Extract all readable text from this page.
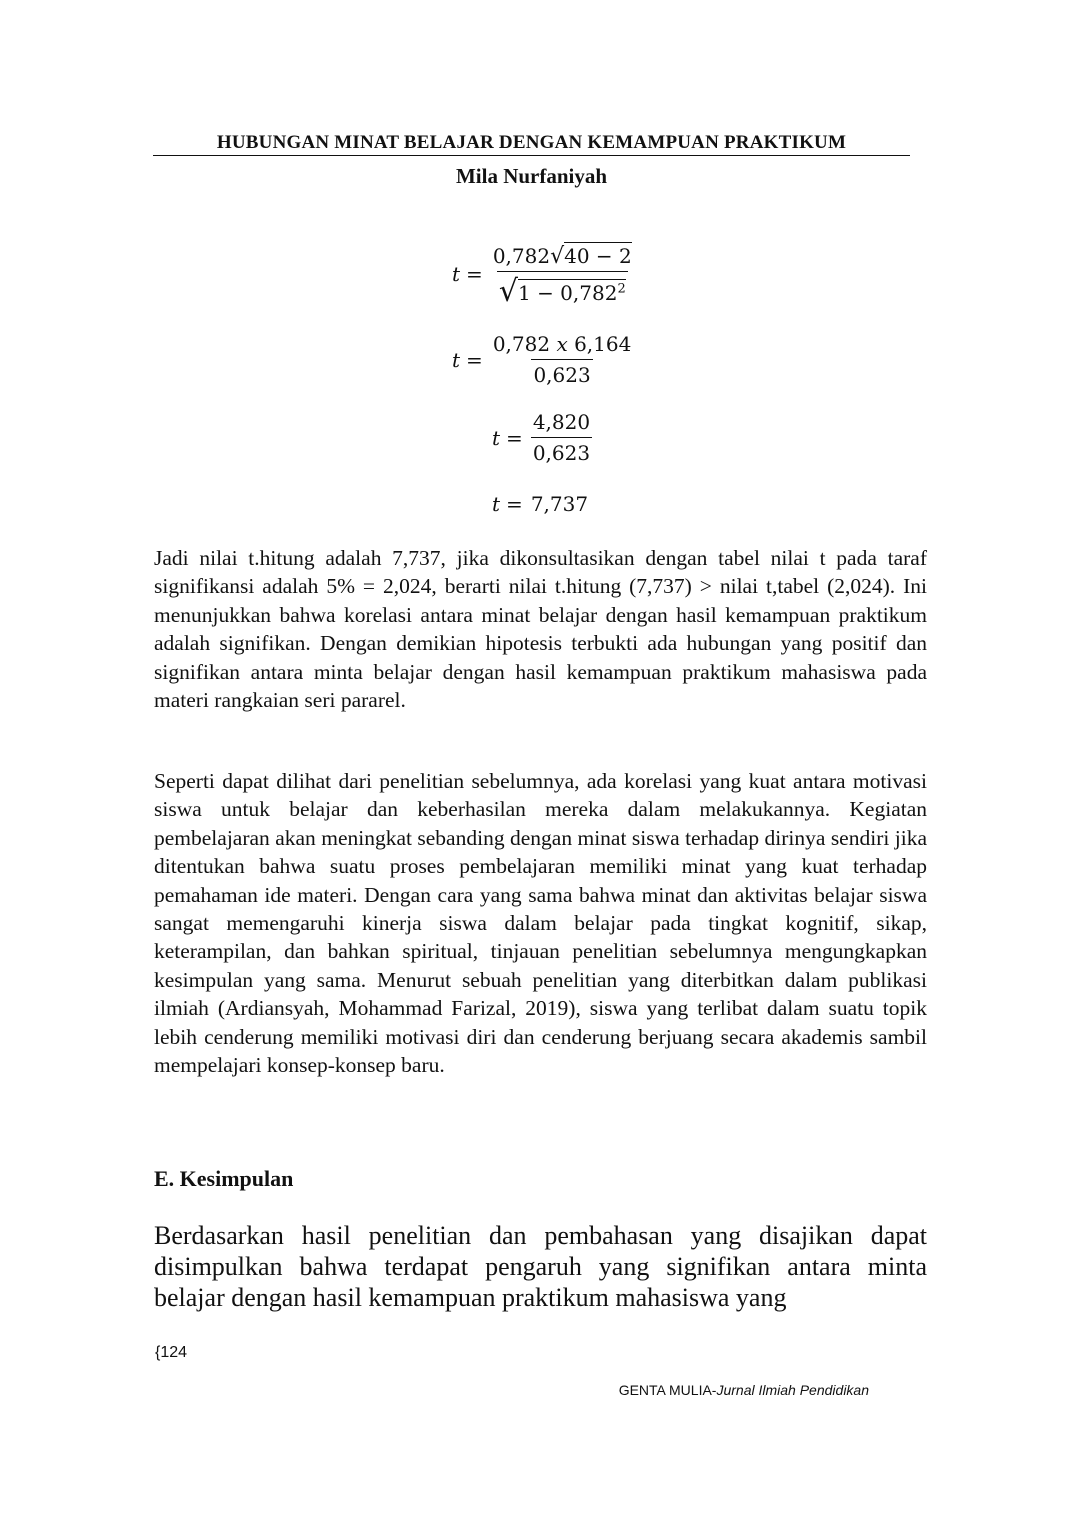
HUBUNGAN MINAT BELAJAR DENGAN KEMAMPUAN PRAKTIKUM
Mila Nurfaniyah
$t = \frac{0,782 √ 40 - 2}{√ 1 - 0,782^2}$
$t = \frac{0,782 x 6,164}{0,623}$
$t = \frac{4,820}{0,623}$
t = 7,737

Jadi nilai t.hitung adalah 7,737, jika dikonsultasikan dengan tabel nilai t pada taraf signifikansi adalah 5% = 2,024, berarti nilai t.hitung (7,737) > nilai t,tabel (2,024). Ini menunjukkan bahwa korelasi antara minat belajar dengan hasil kemampuan praktikum adalah signifikan. Dengan demikian hipotesis terbukti ada hubungan yang positif dan signifikan antara minta belajar dengan hasil kemampuan praktikum mahasiswa pada materi rangkaian seri pararel.

Seperti dapat dilihat dari penelitian sebelumnya, ada korelasi yang kuat antara motivasi siswa untuk belajar dan keberhasilan mereka dalam melakukannya. Kegiatan pembelajaran akan meningkat sebanding dengan minat siswa terhadap dirinya sendiri jika ditentukan bahwa suatu proses pembelajaran memiliki minat yang kuat terhadap pemahaman ide materi. Dengan cara yang sama bahwa minat dan aktivitas belajar siswa sangat memengaruhi kinerja siswa dalam belajar pada tingkat kognitif, sikap, keterampilan, dan bahkan spiritual, tinjauan penelitian sebelumnya mengungkapkan kesimpulan yang sama. Menurut sebuah penelitian yang diterbitkan dalam publikasi ilmiah (Ardiansyah, Mohammad Farizal, 2019), siswa yang terlibat dalam suatu topik lebih cenderung memiliki motivasi diri dan cenderung berjuang secara akademis sambil mempelajari konsep-konsep baru.

E. Kesimpulan

Berdasarkan hasil penelitian dan pembahasan yang disajikan dapat disimpulkan bahwa terdapat pengaruh yang signifikan antara minta belajar dengan hasil kemampuan praktikum mahasiswa yang

{124
GENTA MULIA-Jurnal Ilmiah Pendidikan
